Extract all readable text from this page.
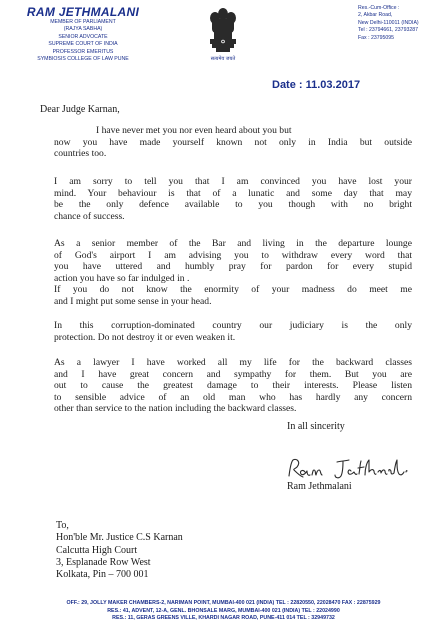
RAM JETHMALANI
MEMBER OF PARLIAMENT
(RAJYA SABHA)
SENIOR ADVOCATE
SUPREME COURT OF INDIA
PROFESSOR EMERITUS
SYMBIOSIS COLLEGE OF LAW PUNE	सत्यमेव जयते
Res.-Cum-Office :
2, Akbar Road,
New Delhi-110011 (INDIA)
Tel : 23794661, 23793287
Fax : 23795095
Date : 11.03.2017
Dear Judge Karnan,

I have never met you nor even heard about you but

now you have made yourself known not only in India but outside

countries too.

I am sorry to tell you that I am convinced you have lost your

mind. Your behaviour is that of a lunatic and some day that may

be the only defence available to you though with no bright

chance of success.

As a senior member of the Bar and living in the departure lounge

of God's airport I am advising you to withdraw every word that

you have uttered and humbly pray for pardon for every stupid

action you have so far indulged in .

If you do not know the enormity of your madness do meet me

and I might put some sense in your head.

In this corruption-dominated country our judiciary is the only

protection. Do not destroy it or even weaken it.

As a lawyer I have worked all my life for the backward classes

and I have great concern and sympathy for them. But you are

out to cause the greatest damage to their interests. Please listen

to sensible advice of an old man who has hardly any concern

other than service to the nation including the backward classes.

In all sincerity
Ram Jethmalani
To,
Hon'ble Mr. Justice C.S Karnan
Calcutta High Court
3, Esplanade Row West
Kolkata, Pin – 700 001
OFF.: 29, JOLLY MAKER CHAMBERS-2, NARIMAN POINT, MUMBAI-400 021 (INDIA) TEL : 22820550, 22028470 FAX : 22875929
RES.: 41, ADVENT, 12-A, GENL. BHONSALE MARG, MUMBAI-400 021 (INDIA) TEL : 22024990
RES.: 11, GERAS GREENS VILLE, KHARDI NAGAR ROAD, PUNE-411 014 TEL : 32949732
